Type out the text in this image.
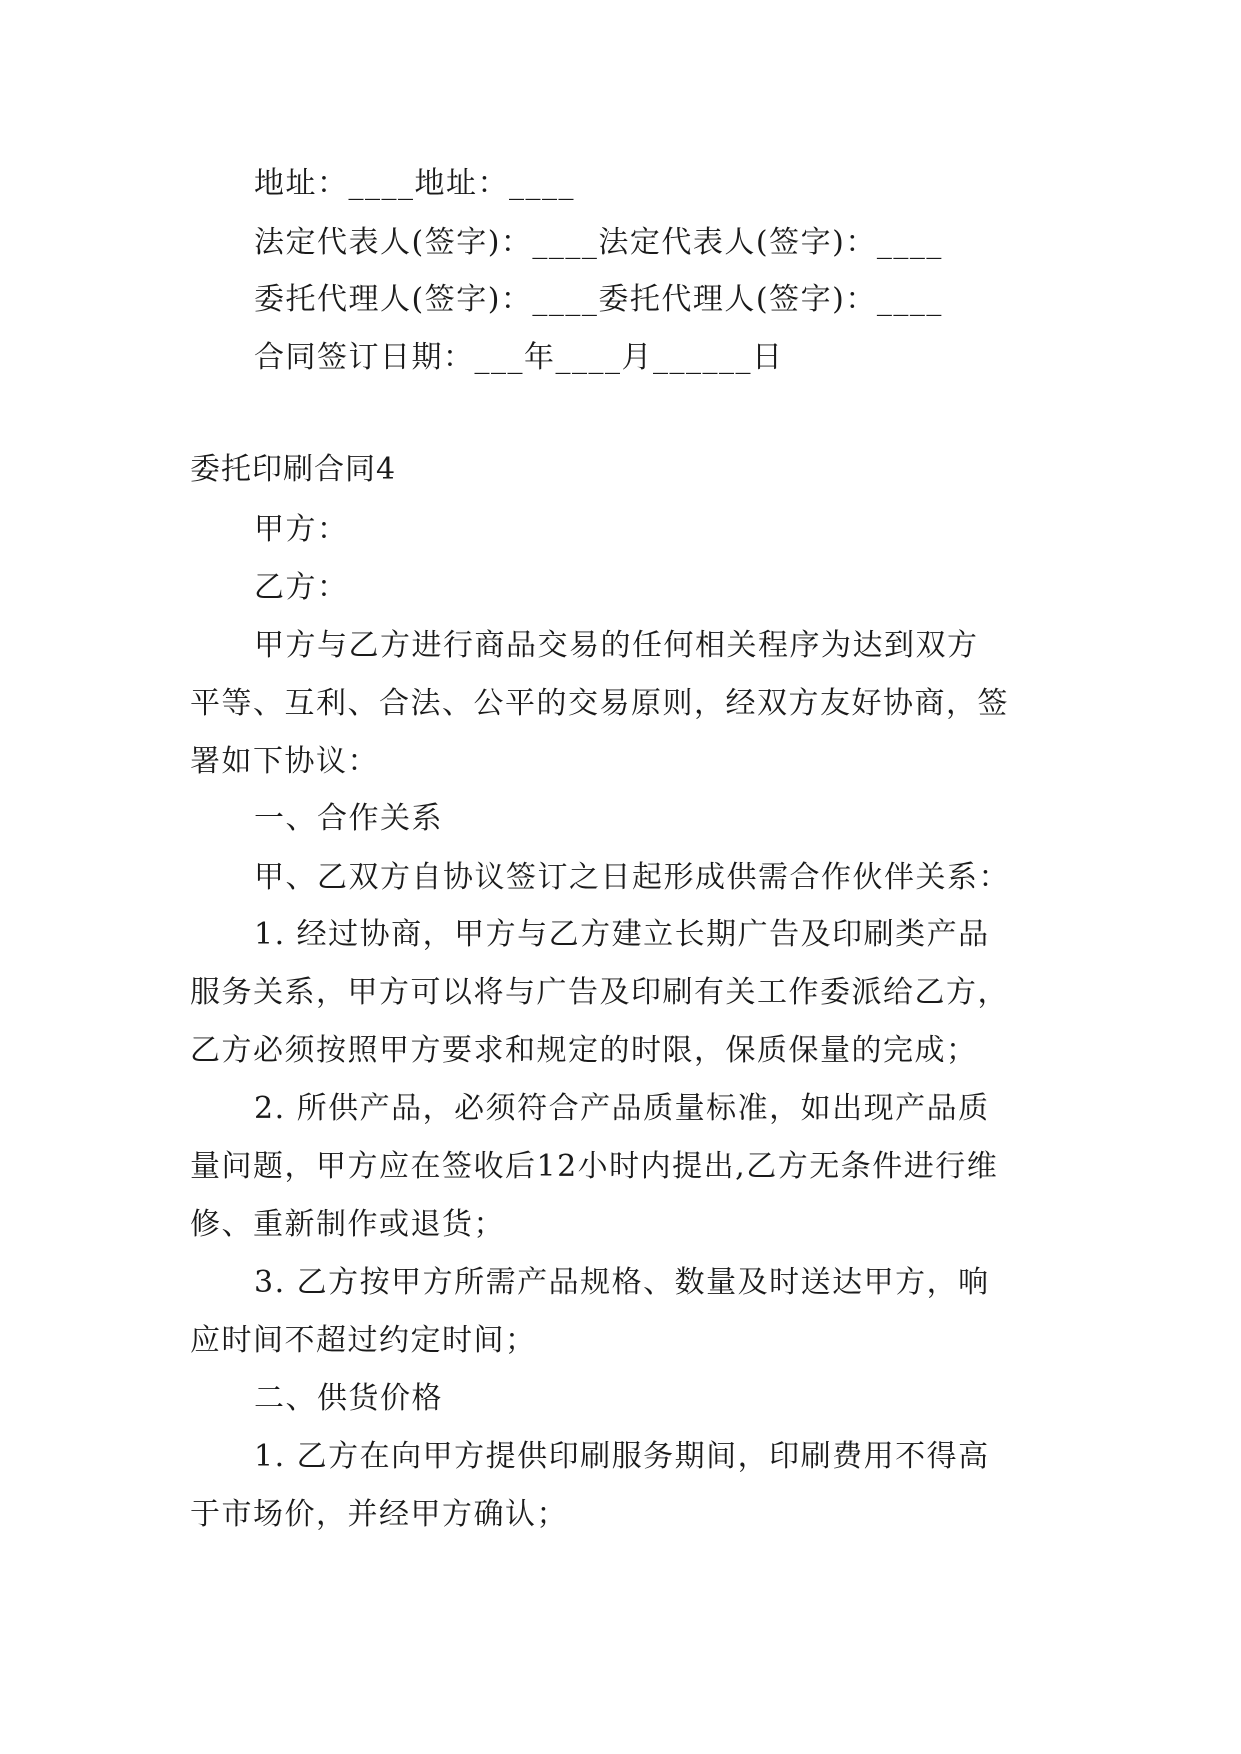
地址：____地址：____

法定代表人(签字)：____法定代表人(签字)：____

委托代理人(签字)：____委托代理人(签字)：____

合同签订日期：___年____月______日

委托印刷合同4

甲方：

乙方：

甲方与乙方进行商品交易的任何相关程序为达到双方

平等、互利、合法、公平的交易原则，经双方友好协商，签

署如下协议：

一、合作关系

甲、乙双方自协议签订之日起形成供需合作伙伴关系：

1. 经过协商，甲方与乙方建立长期广告及印刷类产品

服务关系，甲方可以将与广告及印刷有关工作委派给乙方，

乙方必须按照甲方要求和规定的时限，保质保量的完成；

2. 所供产品，必须符合产品质量标准，如出现产品质

量问题，甲方应在签收后12小时内提出,乙方无条件进行维

修、重新制作或退货；

3. 乙方按甲方所需产品规格、数量及时送达甲方，响

应时间不超过约定时间；

二、供货价格

1. 乙方在向甲方提供印刷服务期间，印刷费用不得高

于市场价，并经甲方确认；
